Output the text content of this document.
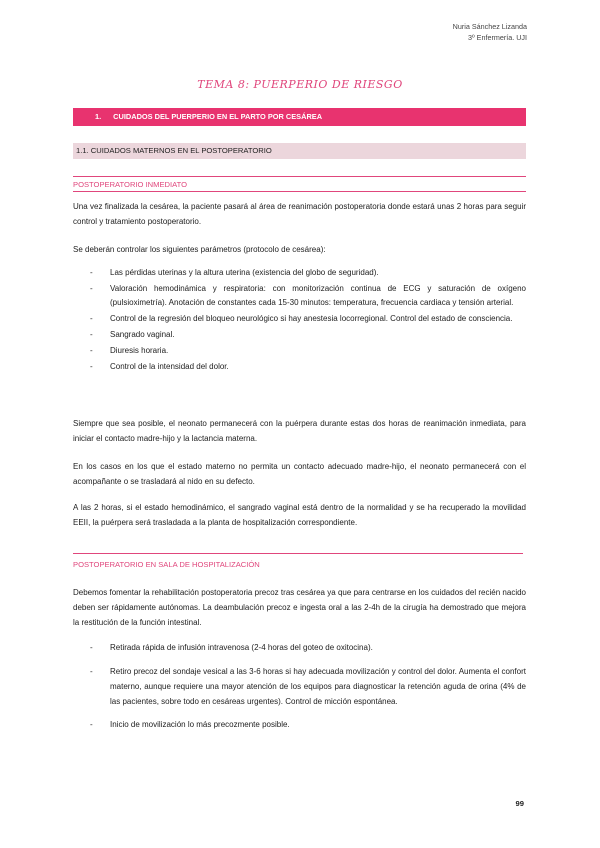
Nuria Sánchez Lizanda
3º Enfermería. UJI
TEMA 8: PUERPERIO DE RIESGO
1. CUIDADOS DEL PUERPERIO EN EL PARTO POR CESÁREA
1.1. CUIDADOS MATERNOS EN EL POSTOPERATORIO
POSTOPERATORIO INMEDIATO
Una vez finalizada la cesárea, la paciente pasará al área de reanimación postoperatoria donde estará unas 2 horas para seguir control y tratamiento postoperatorio.
Se deberán controlar los siguientes parámetros (protocolo de cesárea):
- Las pérdidas uterinas y la altura uterina (existencia del globo de seguridad).
- Valoración hemodinámica y respiratoria: con monitorización continua de ECG y saturación de oxígeno (pulsioximetría). Anotación de constantes cada 15-30 minutos: temperatura, frecuencia cardiaca y tensión arterial.
- Control de la regresión del bloqueo neurológico si hay anestesia locorregional. Control del estado de consciencia.
- Sangrado vaginal.
- Diuresis horaria.
- Control de la intensidad del dolor.
Siempre que sea posible, el neonato permanecerá con la puérpera durante estas dos horas de reanimación inmediata, para iniciar el contacto madre-hijo y la lactancia materna.
En los casos en los que el estado materno no permita un contacto adecuado madre-hijo, el neonato permanecerá con el acompañante o se trasladará al nido en su defecto.
A las 2 horas, si el estado hemodinámico, el sangrado vaginal está dentro de la normalidad y se ha recuperado la movilidad EEII, la puérpera será trasladada a la planta de hospitalización correspondiente.
POSTOPERATORIO EN SALA DE HOSPITALIZACIÓN
Debemos fomentar la rehabilitación postoperatoria precoz tras cesárea ya que para centrarse en los cuidados del recién nacido deben ser rápidamente autónomas. La deambulación precoz e ingesta oral a las 2-4h de la cirugía ha demostrado que mejora la restitución de la función intestinal.
- Retirada rápida de infusión intravenosa (2-4 horas del goteo de oxitocina).
- Retiro precoz del sondaje vesical a las 3-6 horas si hay adecuada movilización y control del dolor. Aumenta el confort materno, aunque requiere una mayor atención de los equipos para diagnosticar la retención aguda de orina (4% de las pacientes, sobre todo en cesáreas urgentes). Control de micción espontánea.
- Inicio de movilización lo más precozmente posible.
99
